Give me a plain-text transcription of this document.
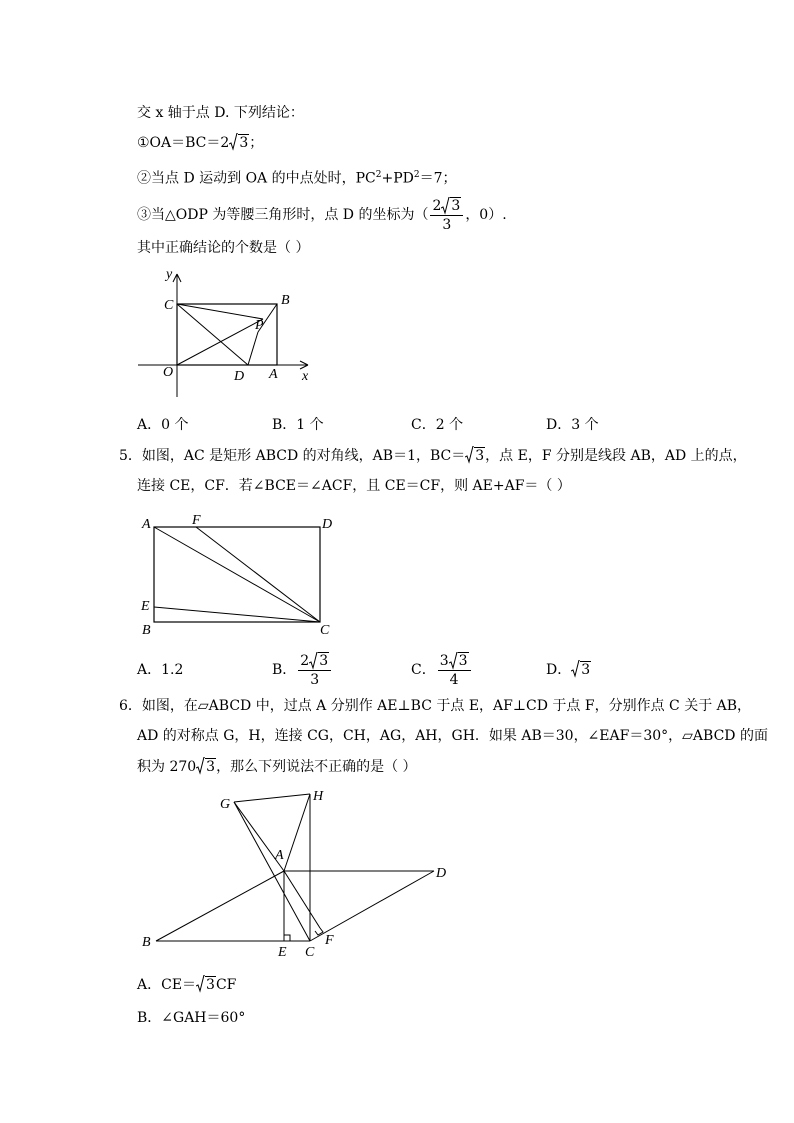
交 x 轴于点 D. 下列结论：
①OA＝BC＝2 3；
②当点 D 运动到 OA 的中点处时，$PC^2+PD^2=7$；
③当△ODP 为等腰三角形时，点 D 的坐标为（ $\frac{2 3}{3}$ ，0）.
其中正确结论的个数是（ ）
y
x
C	B
P
O	D A
A．0 个	B．1 个	C．2 个	D．3 个
5．如图，AC 是矩形 ABCD 的对角线，AB＝1，BC＝ 3，点 E，F 分别是线段 AB，AD 上的点，
连接 CE，CF．若∠BCE＝∠ACF，且 CE＝CF，则 AE+AF＝（ ）
A	F	D
E
B	C
A．1.2	B． $\frac{2 3}{3}$	C． $\frac{3 3}{4}$	D． 3
6．如图，在▱ABCD 中，过点 A 分别作 AE⊥BC 于点 E，AF⊥CD 于点 F，分别作点 C 关于 AB，
AD 的对称点 G，H，连接 CG，CH，AG，AH，GH．如果 AB＝30，∠EAF＝30°，▱ABCD 的面
积为 270 3，那么下列说法不正确的是（ ）
G
H
A
D
B
E C
F
A．CE＝ 3CF
B．∠GAH＝60°
